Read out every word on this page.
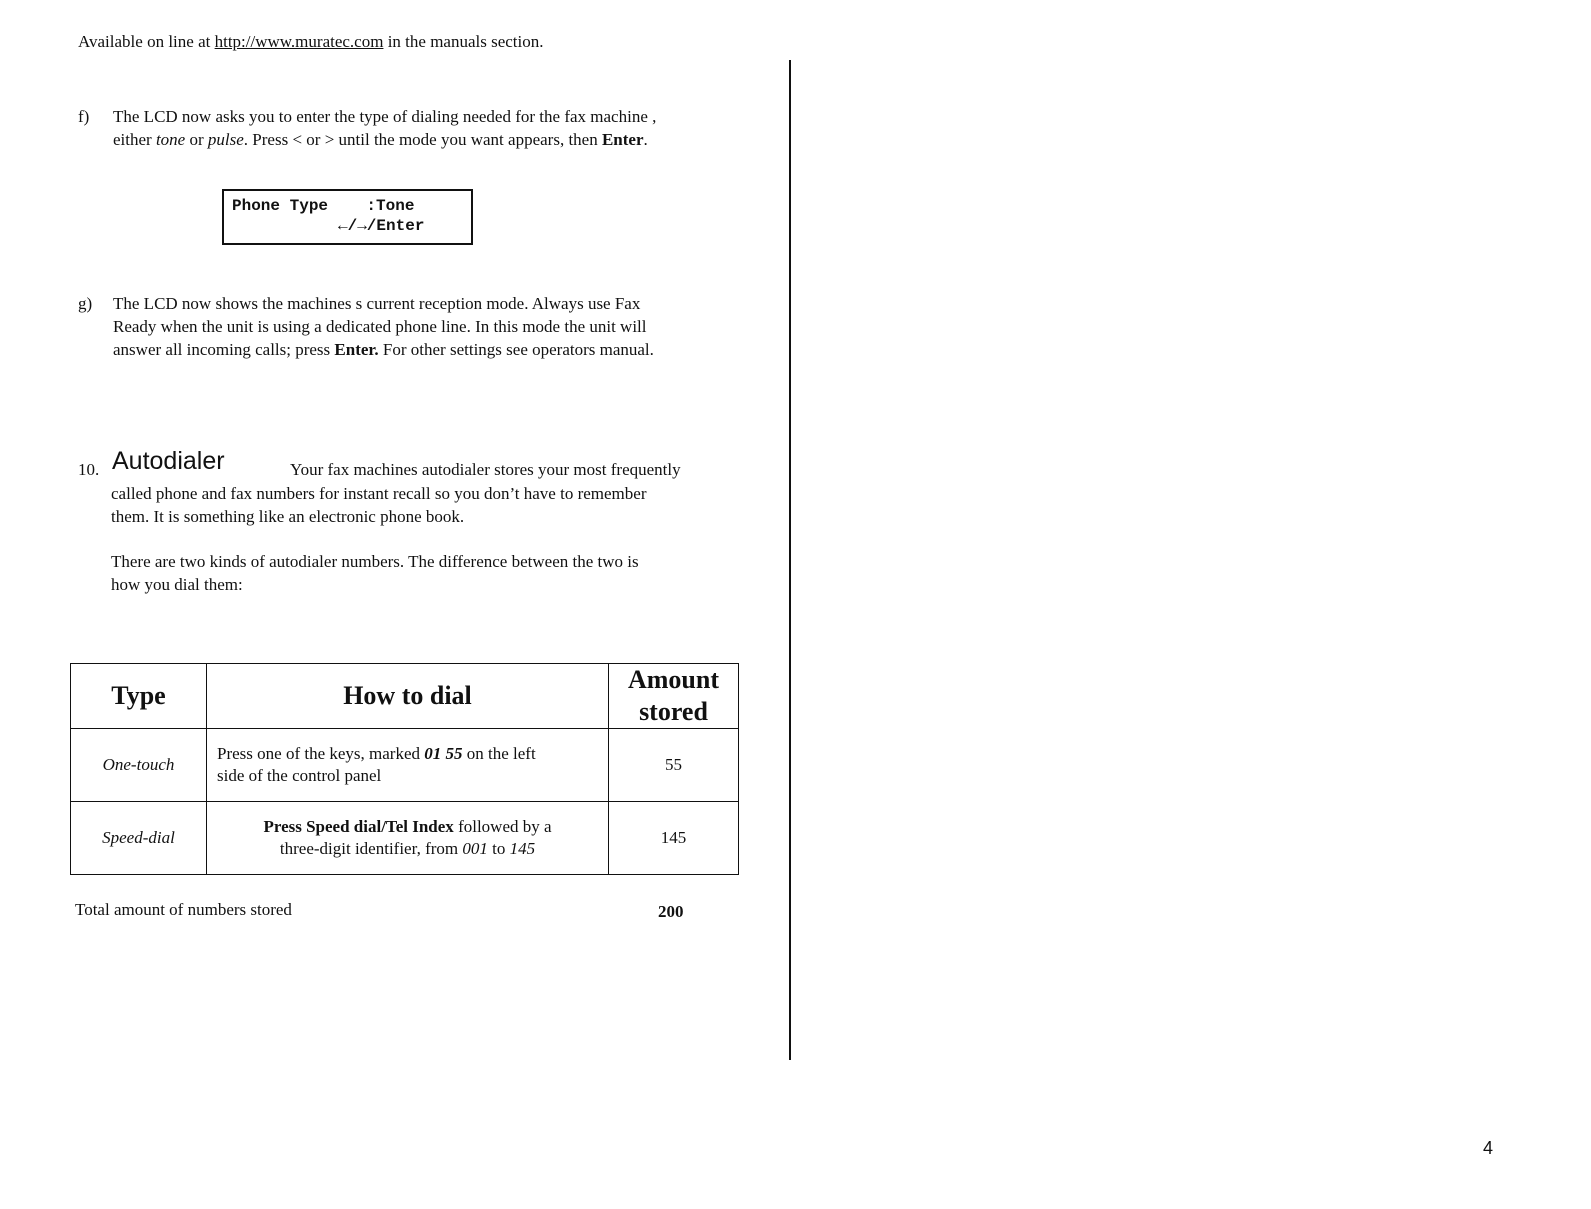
Available on line at http://www.muratec.com in the manuals section.
f) The LCD now asks you to enter the type of dialing needed for the fax machine ,
either tone or pulse. Press < or > until the mode you want appears, then Enter.
Phone Type    :Tone
←/→/Enter
g) The LCD now shows the machines s current reception mode. Always use Fax
Ready when the unit is using a dedicated phone line. In this mode the unit will
answer all incoming calls; press Enter. For other settings see operators manual.
10. Autodialer	Your fax machines autodialer stores your most frequently
called phone and fax numbers for instant recall so you don’t have to remember
them. It is something like an electronic phone book.
There are two kinds of autodialer numbers. The difference between the two is
how you dial them:
Type	How to dial	Amount
stored
One-touch	Press one of the keys, marked 01 55 on the left
side of the control panel	55
Speed-dial	Press Speed dial/Tel Index followed by a
three-digit identifier, from 001 to 145	145
Total amount of numbers stored	200
4
